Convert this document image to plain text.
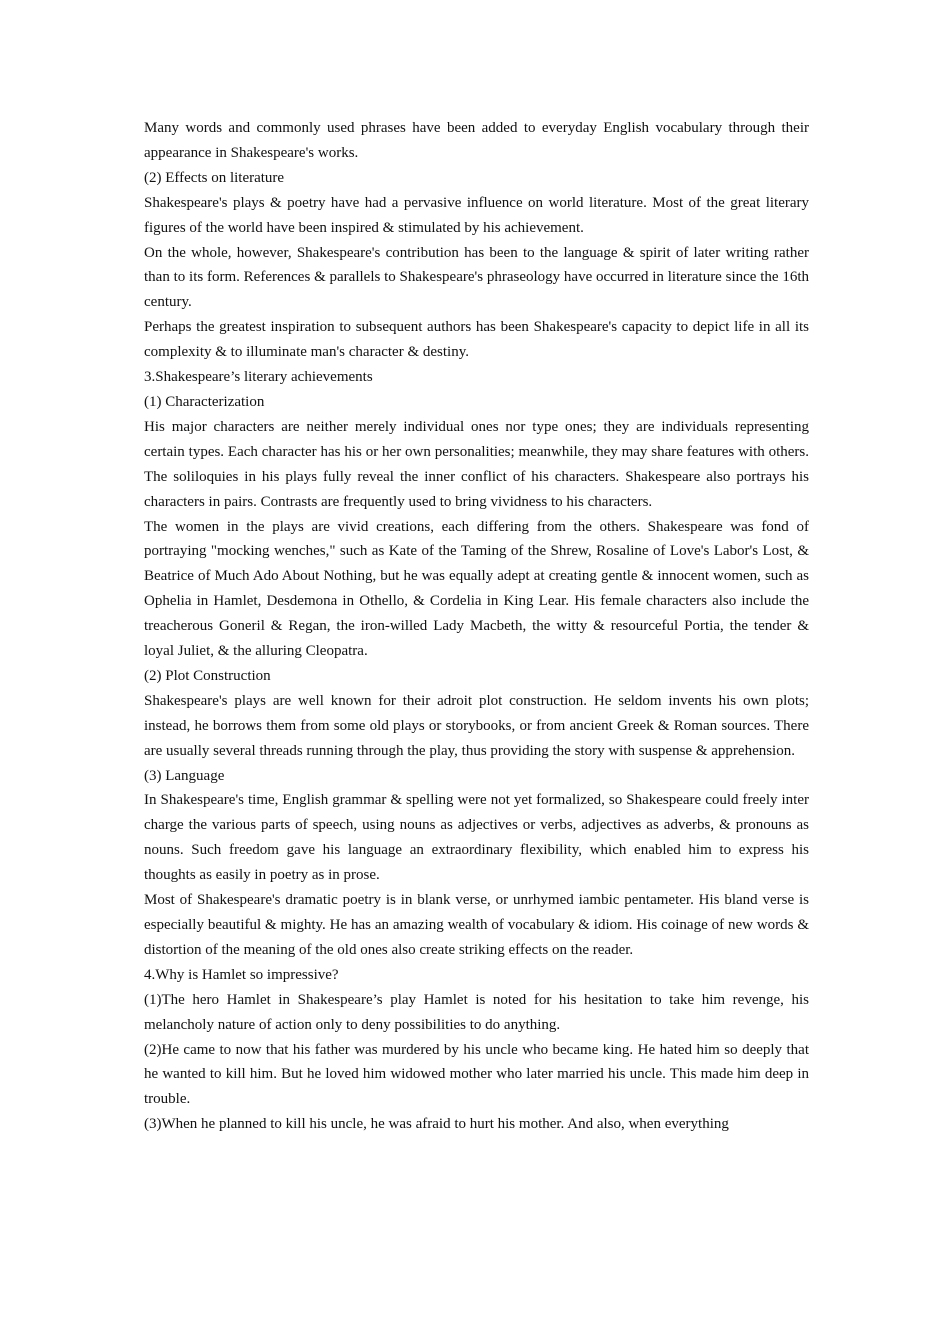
Many words and commonly used phrases have been added to everyday English vocabulary through their appearance in Shakespeare's works.

(2) Effects on literature

Shakespeare's plays & poetry have had a pervasive influence on world literature. Most of the great literary figures of the world have been inspired & stimulated by his achievement.

On the whole, however, Shakespeare's contribution has been to the language & spirit of later writing rather than to its form. References & parallels to Shakespeare's phraseology have occurred in literature since the 16th century.

Perhaps the greatest inspiration to subsequent authors has been Shakespeare's capacity to depict life in all its complexity & to illuminate man's character & destiny.

3.Shakespeare’s literary achievements

(1) Characterization

His major characters are neither merely individual ones nor type ones; they are individuals representing certain types. Each character has his or her own personalities; meanwhile, they may share features with others. The soliloquies in his plays fully reveal the inner conflict of his characters. Shakespeare also portrays his characters in pairs. Contrasts are frequently used to bring vividness to his characters.

The women in the plays are vivid creations, each differing from the others. Shakespeare was fond of portraying "mocking wenches," such as Kate of the Taming of the Shrew, Rosaline of Love's Labor's Lost, & Beatrice of Much Ado About Nothing, but he was equally adept at creating gentle & innocent women, such as Ophelia in Hamlet, Desdemona in Othello, & Cordelia in King Lear. His female characters also include the treacherous Goneril & Regan, the iron-willed Lady Macbeth, the witty & resourceful Portia, the tender & loyal Juliet, & the alluring Cleopatra.

(2) Plot Construction

Shakespeare's plays are well known for their adroit plot construction. He seldom invents his own plots; instead, he borrows them from some old plays or storybooks, or from ancient Greek & Roman sources. There are usually several threads running through the play, thus providing the story with suspense & apprehension.

(3) Language

In Shakespeare's time, English grammar & spelling were not yet formalized, so Shakespeare could freely inter charge the various parts of speech, using nouns as adjectives or verbs, adjectives as adverbs, & pronouns as nouns. Such freedom gave his language an extraordinary flexibility, which enabled him to express his thoughts as easily in poetry as in prose.

Most of Shakespeare's dramatic poetry is in blank verse, or unrhymed iambic pentameter. His bland verse is especially beautiful & mighty. He has an amazing wealth of vocabulary & idiom. His coinage of new words & distortion of the meaning of the old ones also create striking effects on the reader.

4.Why is Hamlet so impressive?

(1)The hero Hamlet in Shakespeare’s play Hamlet is noted for his hesitation to take him revenge, his melancholy nature of action only to deny possibilities to do anything.

(2)He came to now that his father was murdered by his uncle who became king. He hated him so deeply that he wanted to kill him. But he loved him widowed mother who later married his uncle. This made him deep in trouble.

(3)When he planned to kill his uncle, he was afraid to hurt his mother. And also, when everything
